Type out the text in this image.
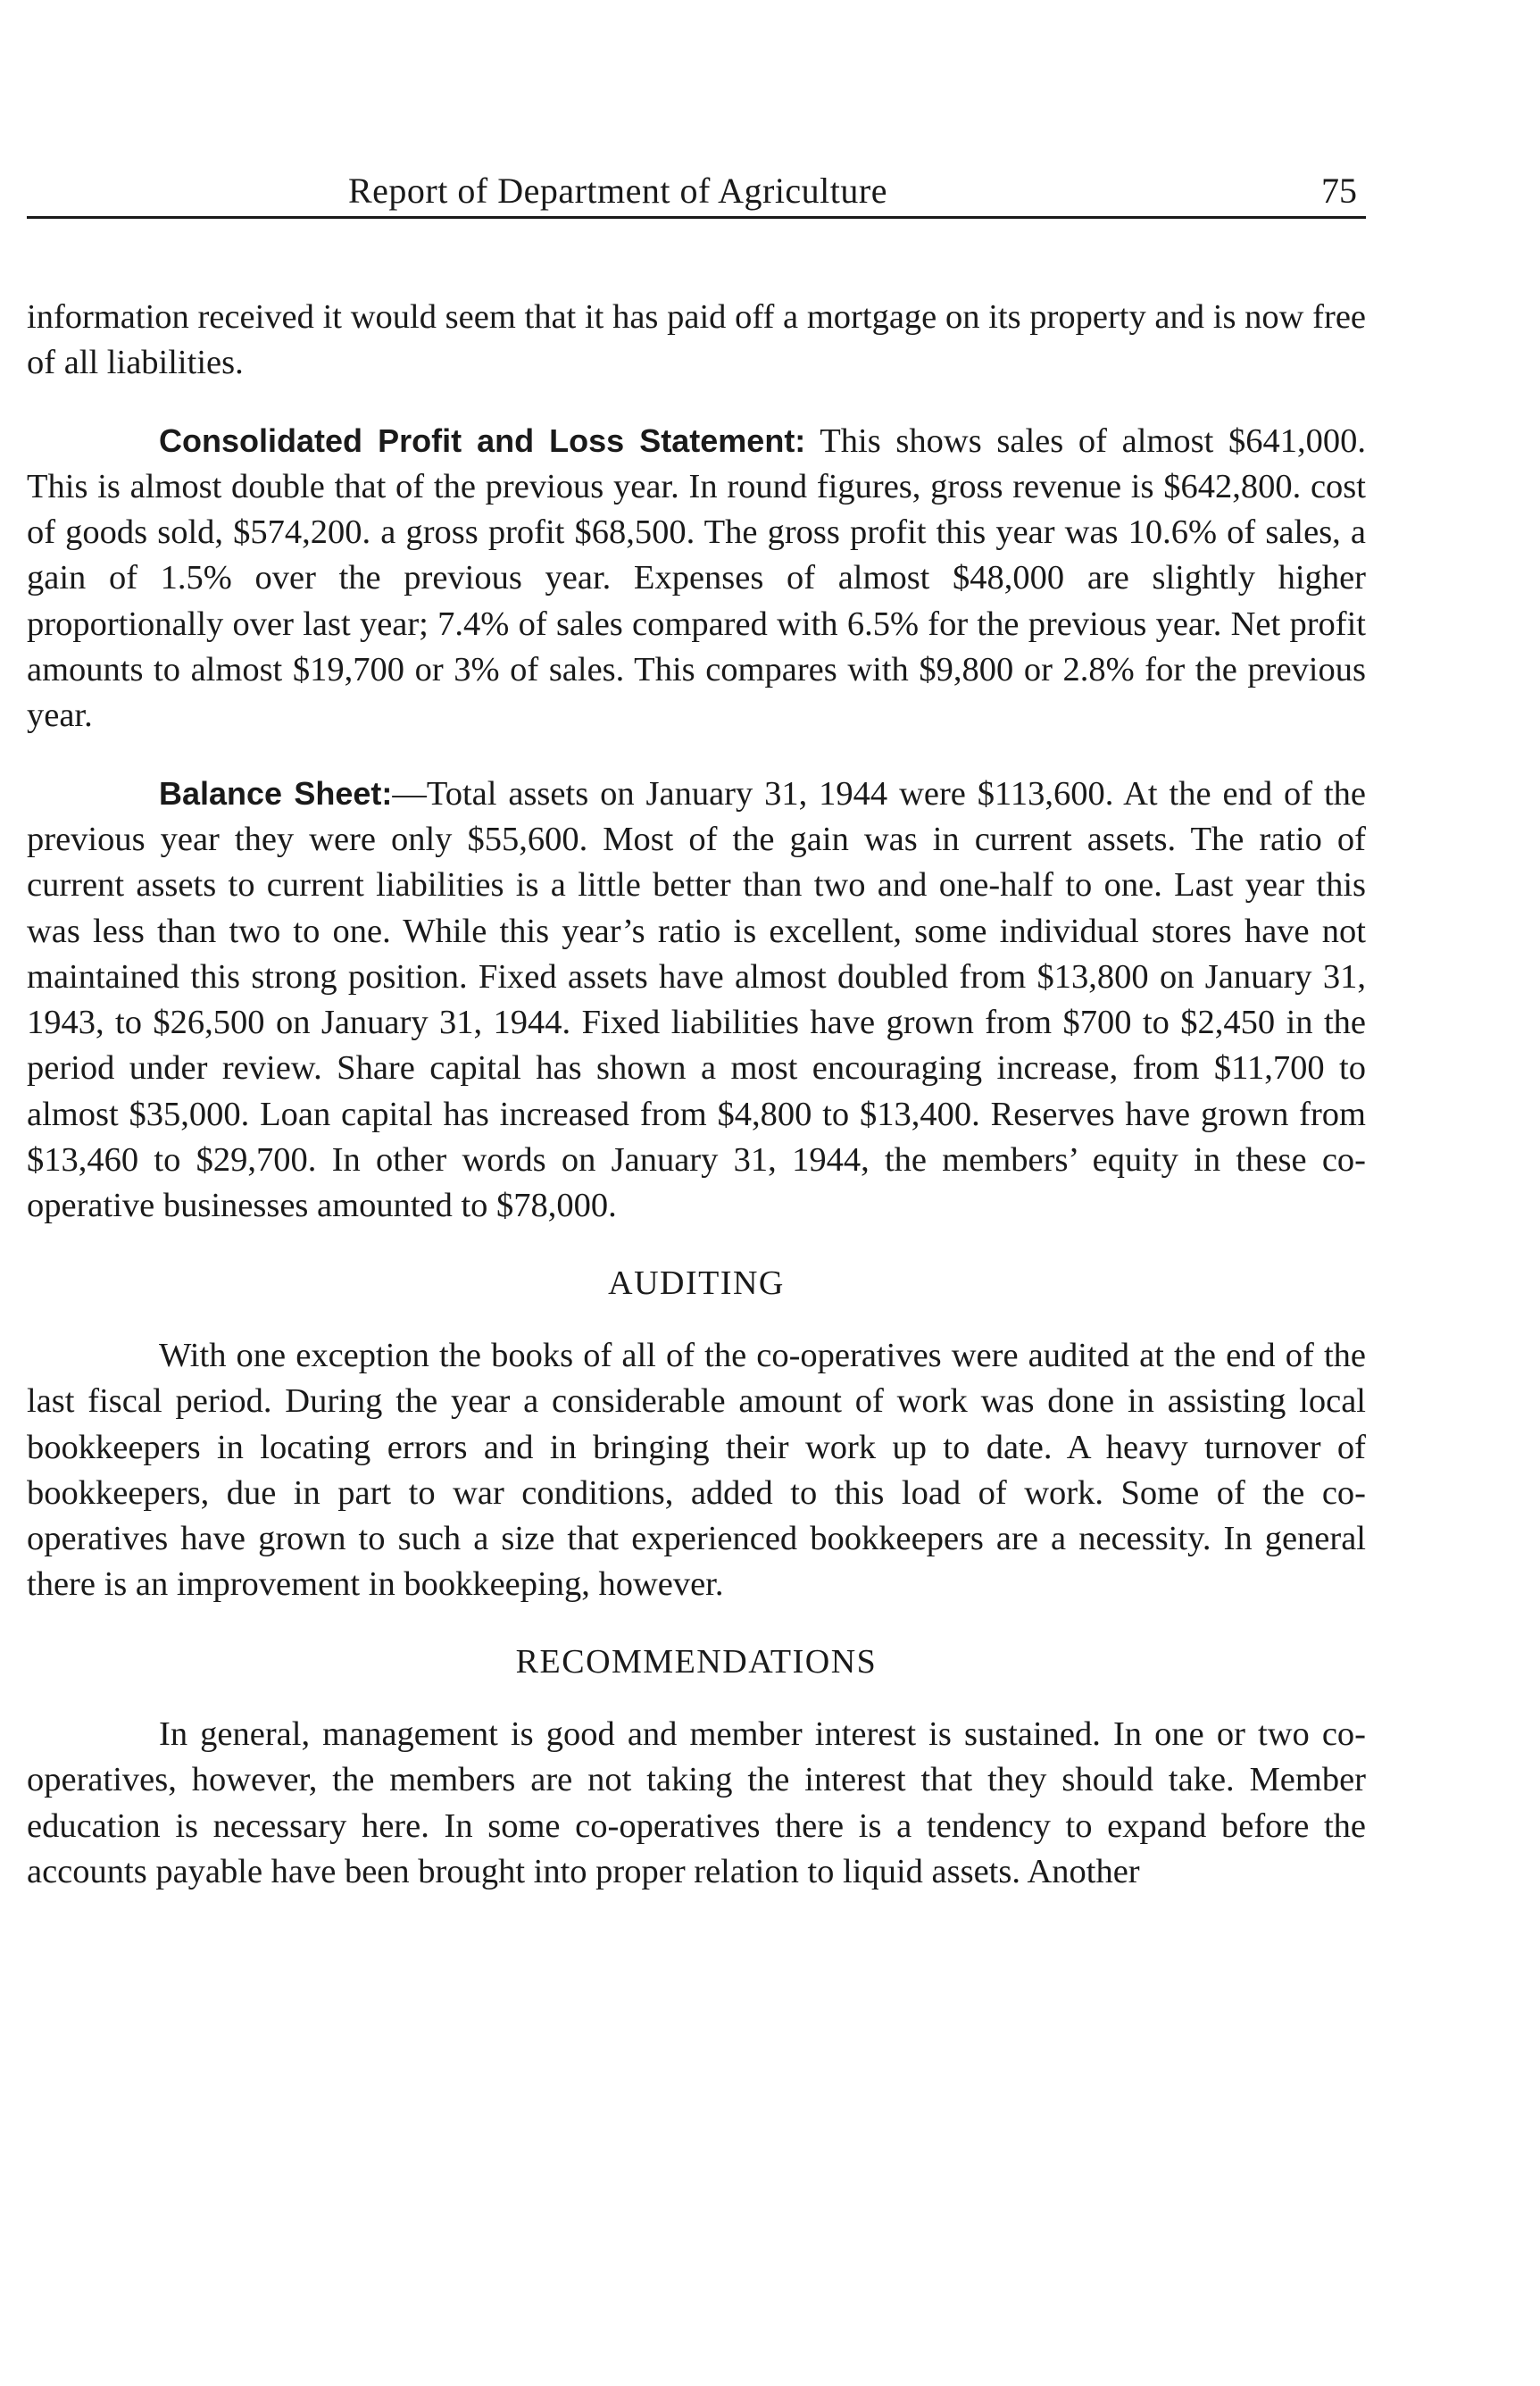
Report of Department of Agriculture	75

information received it would seem that it has paid off a mortgage on its property and is now free of all liabilities.

Consolidated Profit and Loss Statement: This shows sales of almost $641,000. This is almost double that of the previous year. In round figures, gross revenue is $642,800. cost of goods sold, $574,200. a gross profit $68,500. The gross profit this year was 10.6% of sales, a gain of 1.5% over the previous year. Expenses of almost $48,000 are slightly higher proportionally over last year; 7.4% of sales compared with 6.5% for the previous year. Net profit amounts to almost $19,700 or 3% of sales. This compares with $9,800 or 2.8% for the previous year.

Balance Sheet:—Total assets on January 31, 1944 were $113,600. At the end of the previous year they were only $55,600. Most of the gain was in current assets. The ratio of current assets to current liabilities is a little better than two and one-half to one. Last year this was less than two to one. While this year’s ratio is excellent, some individual stores have not maintained this strong position. Fixed assets have almost doubled from $13,800 on January 31, 1943, to $26,500 on January 31, 1944. Fixed liabilities have grown from $700 to $2,450 in the period under review. Share capital has shown a most encouraging increase, from $11,700 to almost $35,000. Loan capital has increased from $4,800 to $13,400. Reserves have grown from $13,460 to $29,700. In other words on January 31, 1944, the members’ equity in these co-operative businesses amounted to $78,000.

AUDITING

With one exception the books of all of the co-operatives were audited at the end of the last fiscal period. During the year a considerable amount of work was done in assisting local bookkeepers in locating errors and in bringing their work up to date. A heavy turnover of bookkeepers, due in part to war conditions, added to this load of work. Some of the co-operatives have grown to such a size that experienced bookkeepers are a necessity. In general there is an improvement in bookkeeping, however.

RECOMMENDATIONS

In general, management is good and member interest is sustained. In one or two co-operatives, however, the members are not taking the interest that they should take. Member education is necessary here. In some co-operatives there is a tendency to expand before the accounts payable have been brought into proper relation to liquid assets. Another
